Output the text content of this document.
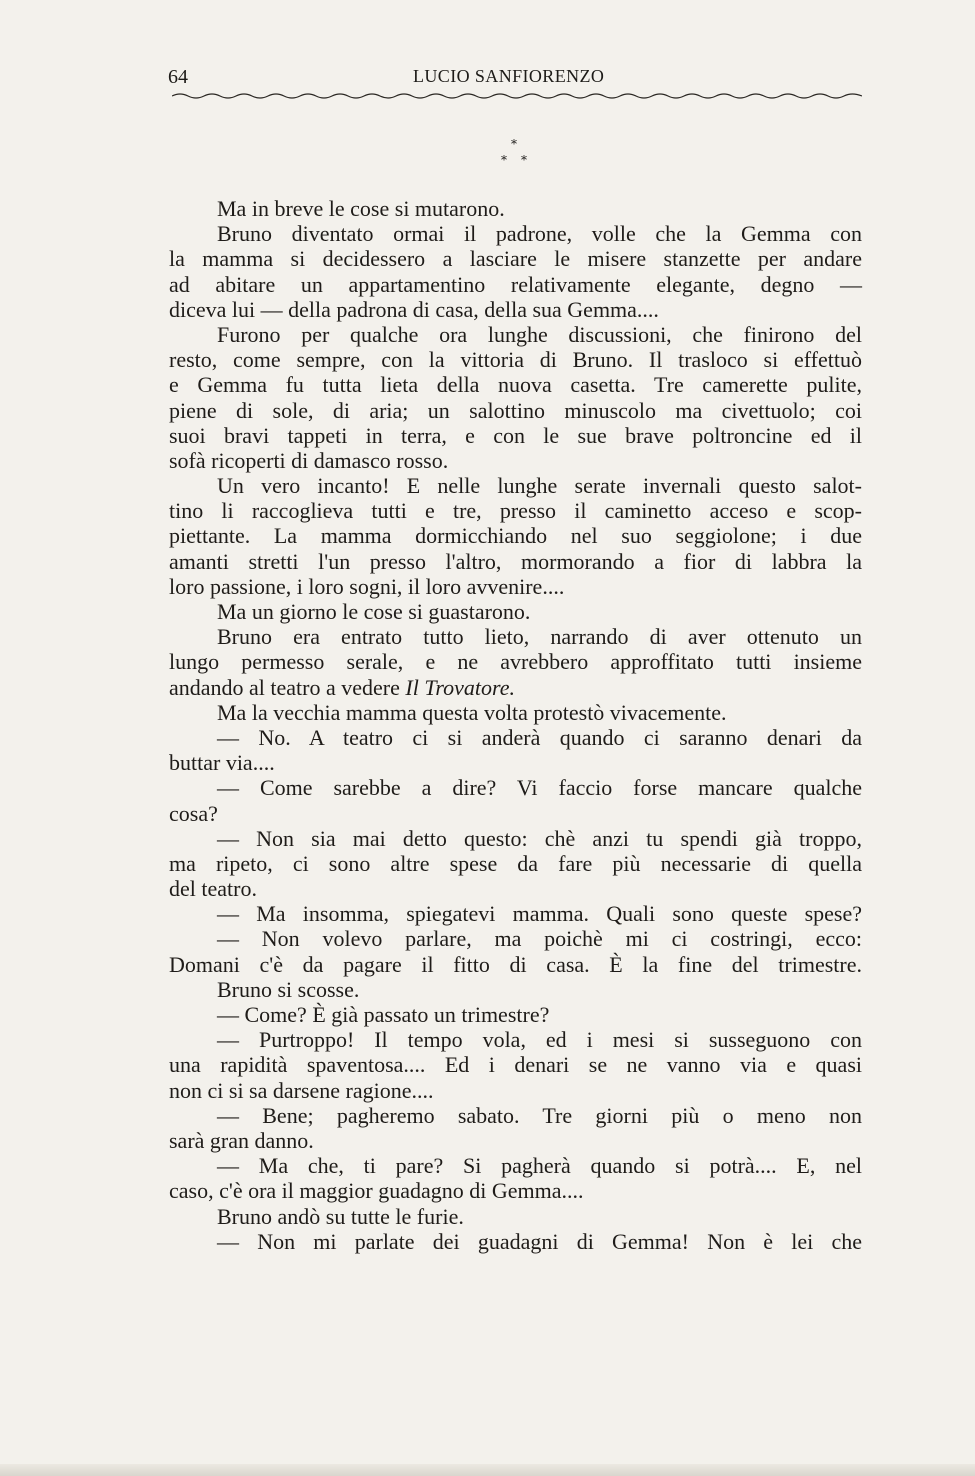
64	LUCIO SANFIORENZO
*
* *
Ma in breve le cose si mutarono.
Bruno diventato ormai il padrone, volle che la Gemma con
la mamma si decidessero a lasciare le misere stanzette per andare
ad abitare un appartamentino relativamente elegante, degno —
diceva lui — della padrona di casa, della sua Gemma....
Furono per qualche ora lunghe discussioni, che finirono del
resto, come sempre, con la vittoria di Bruno. Il trasloco si effettuò
e Gemma fu tutta lieta della nuova casetta. Tre camerette pulite,
piene di sole, di aria; un salottino minuscolo ma civettuolo; coi
suoi bravi tappeti in terra, e con le sue brave poltroncine ed il
sofà ricoperti di damasco rosso.
Un vero incanto! E nelle lunghe serate invernali questo salot-
tino li raccoglieva tutti e tre, presso il caminetto acceso e scop-
piettante. La mamma dormicchiando nel suo seggiolone; i due
amanti stretti l'un presso l'altro, mormorando a fior di labbra la
loro passione, i loro sogni, il loro avvenire....
Ma un giorno le cose si guastarono.
Bruno era entrato tutto lieto, narrando di aver ottenuto un
lungo permesso serale, e ne avrebbero approffitato tutti insieme
andando al teatro a vedere Il Trovatore.
Ma la vecchia mamma questa volta protestò vivacemente.
— No. A teatro ci si anderà quando ci saranno denari da
buttar via....
— Come sarebbe a dire? Vi faccio forse mancare qualche
cosa?
— Non sia mai detto questo: chè anzi tu spendi già troppo,
ma ripeto, ci sono altre spese da fare più necessarie di quella
del teatro.
— Ma insomma, spiegatevi mamma. Quali sono queste spese?
— Non volevo parlare, ma poichè mi ci costringi, ecco:
Domani c'è da pagare il fitto di casa. È la fine del trimestre.
Bruno si scosse.
— Come? È già passato un trimestre?
— Purtroppo! Il tempo vola, ed i mesi si susseguono con
una rapidità spaventosa.... Ed i denari se ne vanno via e quasi
non ci si sa darsene ragione....
— Bene; pagheremo sabato. Tre giorni più o meno non
sarà gran danno.
— Ma che, ti pare? Si pagherà quando si potrà.... E, nel
caso, c'è ora il maggior guadagno di Gemma....
Bruno andò su tutte le furie.
— Non mi parlate dei guadagni di Gemma! Non è lei che
